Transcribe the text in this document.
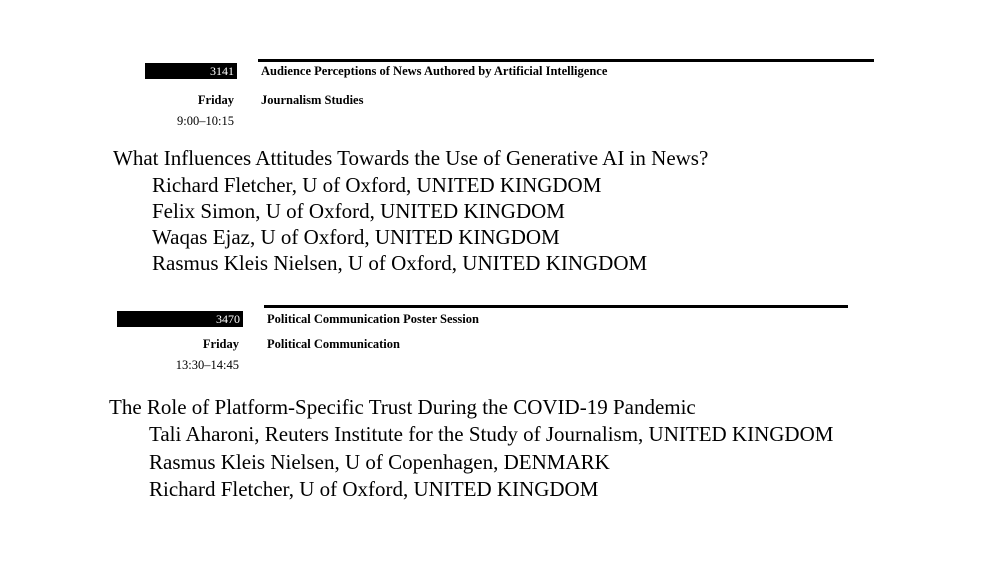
3141 Audience Perceptions of News Authored by Artificial Intelligence
Friday Journalism Studies
9:00–10:15
What Influences Attitudes Towards the Use of Generative AI in News?
Richard Fletcher, U of Oxford, UNITED KINGDOM
Felix Simon, U of Oxford, UNITED KINGDOM
Waqas Ejaz, U of Oxford, UNITED KINGDOM
Rasmus Kleis Nielsen, U of Oxford, UNITED KINGDOM
3470 Political Communication Poster Session
Friday Political Communication
13:30–14:45
The Role of Platform-Specific Trust During the COVID-19 Pandemic
Tali Aharoni, Reuters Institute for the Study of Journalism, UNITED KINGDOM
Rasmus Kleis Nielsen, U of Copenhagen, DENMARK
Richard Fletcher, U of Oxford, UNITED KINGDOM
